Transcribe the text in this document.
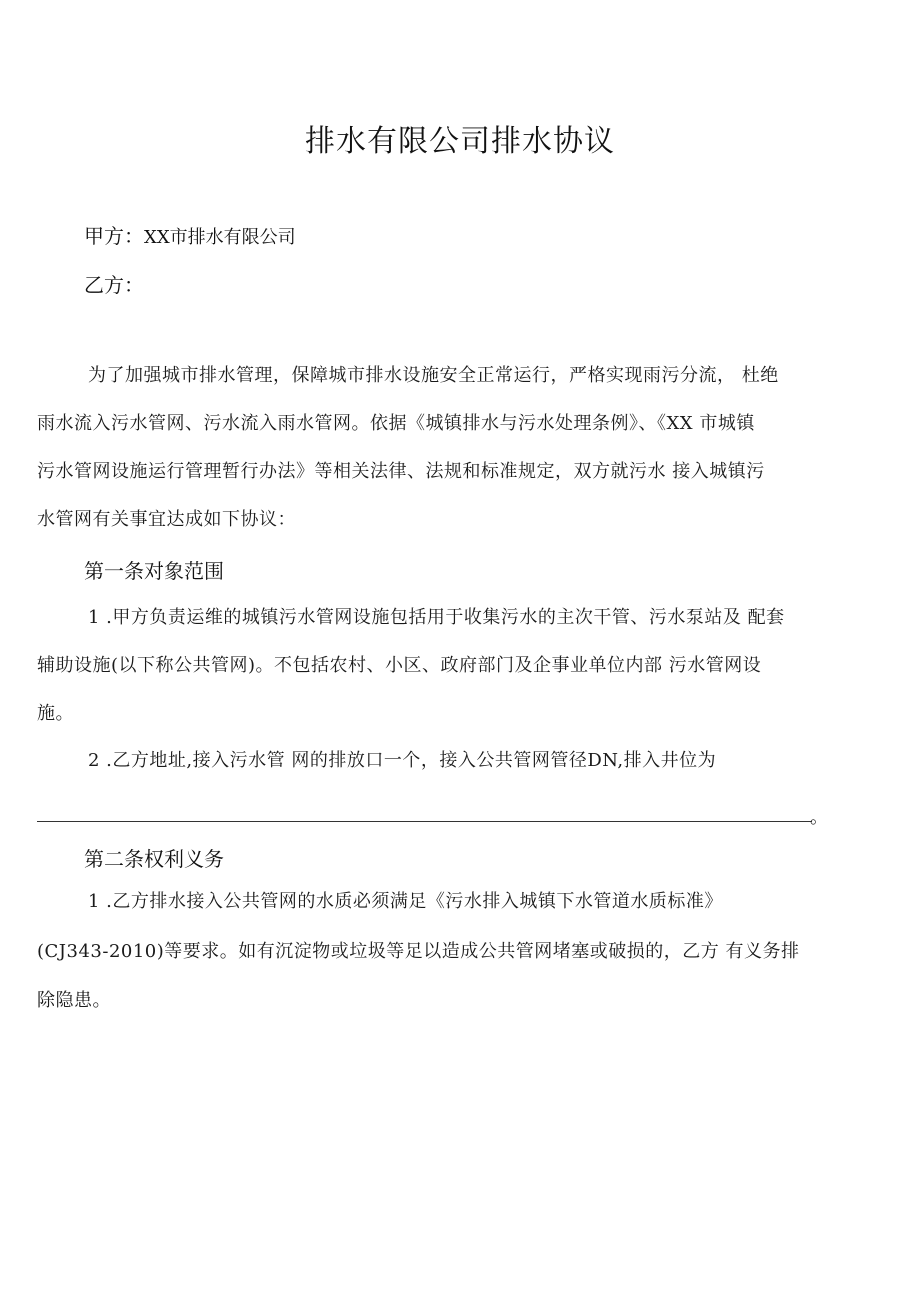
排水有限公司排水协议
甲方：XX市排水有限公司
乙方：
为了加强城市排水管理，保障城市排水设施安全正常运行，严格实现雨污分流， 杜绝
雨水流入污水管网、污水流入雨水管网。依据《城镇排水与污水处理条例》、《XX 市城镇
污水管网设施运行管理暂行办法》等相关法律、法规和标准规定，双方就污水 接入城镇污
水管网有关事宜达成如下协议：
第一条对象范围
1 .甲方负责运维的城镇污水管网设施包括用于收集污水的主次干管、污水泵站及 配套
辅助设施(以下称公共管网)。不包括农村、小区、政府部门及企事业单位内部 污水管网设
施。
2 .乙方地址,接入污水管 网的排放口一个，接入公共管网管径DN,排入井位为
。
第二条权利义务
1 .乙方排水接入公共管网的水质必须满足《污水排入城镇下水管道水质标准》
(CJ343-2010)等要求。如有沉淀物或垃圾等足以造成公共管网堵塞或破损的，乙方 有义务排
除隐患。
